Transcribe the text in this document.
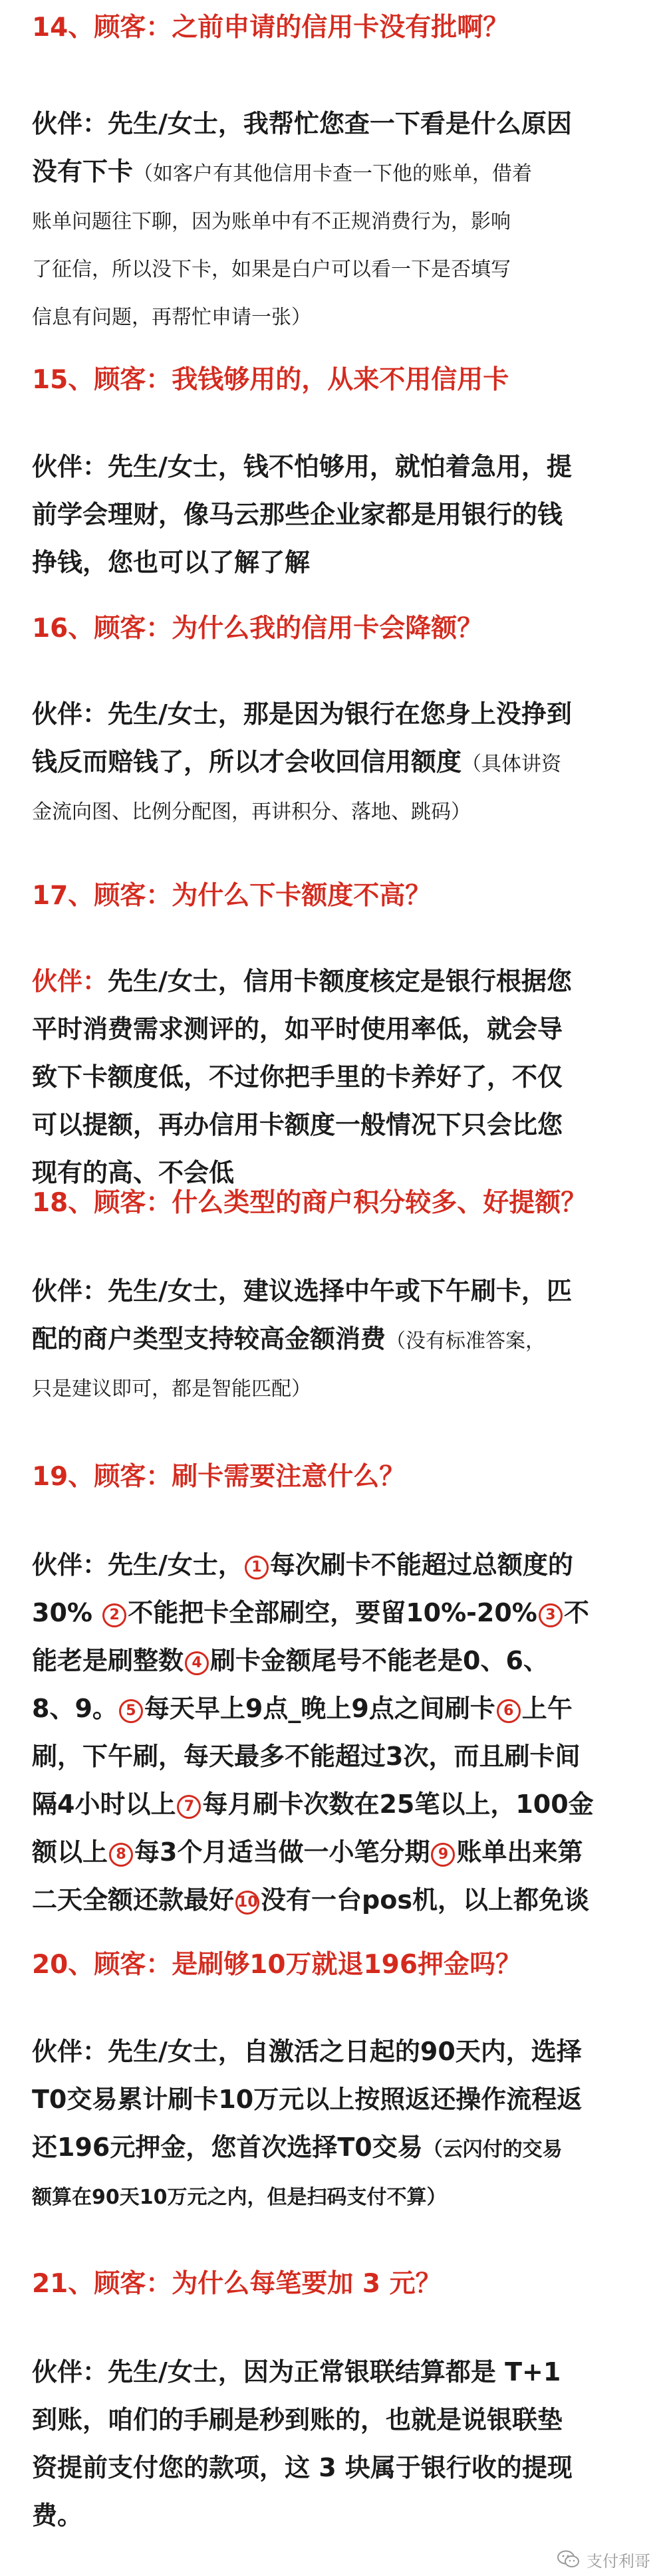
14、顾客：之前申请的信用卡没有批啊？

伙伴：先生/女士，我帮忙您查一下看是什么原因
没有下卡（如客户有其他信用卡查一下他的账单，借着
账单问题往下聊，因为账单中有不正规消费行为，影响
了征信，所以没下卡，如果是白户可以看一下是否填写
信息有问题，再帮忙申请一张）

15、顾客：我钱够用的，从来不用信用卡

伙伴：先生/女士，钱不怕够用，就怕着急用，提
前学会理财，像马云那些企业家都是用银行的钱
挣钱，您也可以了解了解

16、顾客：为什么我的信用卡会降额？

伙伴：先生/女士，那是因为银行在您身上没挣到
钱反而赔钱了，所以才会收回信用额度（具体讲资
金流向图、比例分配图，再讲积分、落地、跳码）

17、顾客：为什么下卡额度不高？

伙伴：先生/女士，信用卡额度核定是银行根据您
平时消费需求测评的，如平时使用率低，就会导
致下卡额度低，不过你把手里的卡养好了，不仅
可以提额，再办信用卡额度一般情况下只会比您
现有的高、不会低

18、顾客：什么类型的商户积分较多、好提额？

伙伴：先生/女士，建议选择中午或下午刷卡，匹
配的商户类型支持较高金额消费（没有标准答案，
只是建议即可，都是智能匹配）

19、顾客：刷卡需要注意什么？

伙伴：先生/女士， 1 每次刷卡不能超过总额度的
30% 2 不能把卡全部刷空，要留10%-20% 3 不
能老是刷整数 4 刷卡金额尾号不能老是0、6、
8、9。 5 每天早上9点_晚上9点之间刷卡 6 上午
刷，下午刷，每天最多不能超过3次，而且刷卡间
隔4小时以上 7 每月刷卡次数在25笔以上，100金
额以上 8 每3个月适当做一小笔分期 9 账单出来第
二天全额还款最好 10 没有一台pos机，以上都免谈

20、顾客：是刷够10万就退196押金吗？

伙伴：先生/女士，自激活之日起的90天内，选择
T0交易累计刷卡10万元以上按照返还操作流程返
还196元押金，您首次选择T0交易（云闪付的交易
额算在90天10万元之内，但是扫码支付不算）

21、顾客：为什么每笔要加 3 元？

伙伴：先生/女士，因为正常银联结算都是 T+1
到账，咱们的手刷是秒到账的，也就是说银联垫
资提前支付您的款项，这 3 块属于银行收的提现
费。
支付利哥
